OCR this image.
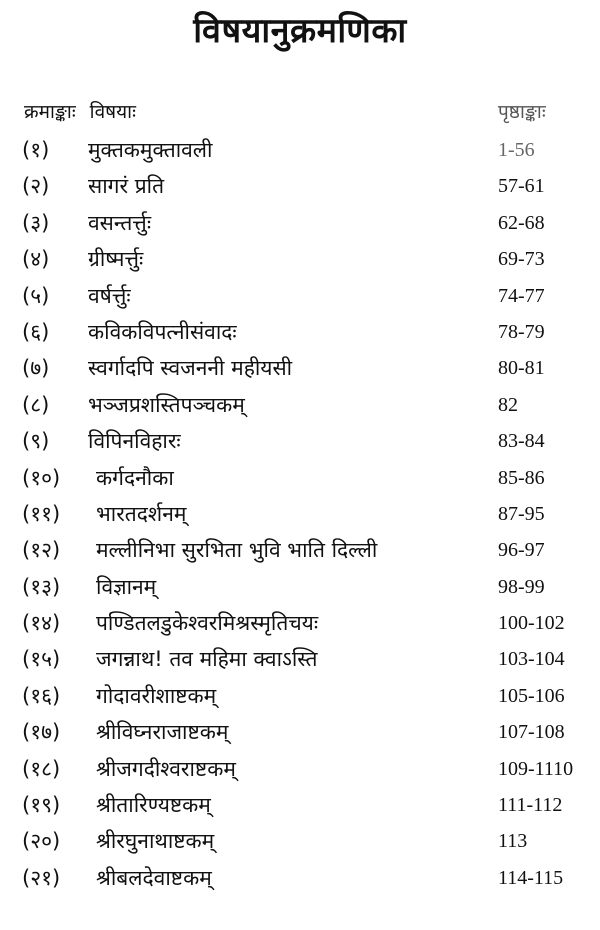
विषयानुक्रमणिका
क्रमाङ्काः विषयाः	पृष्ठाङ्काः
(१) मुक्तकमुक्तावली	1-56
(२) सागरं प्रति	57-61
(३) वसन्तर्त्तुः	62-68
(४) ग्रीष्मर्त्तुः	69-73
(५) वर्षर्त्तुः	74-77
(६) कविकविपत्नीसंवादः	78-79
(७) स्वर्गादपि स्वजननी महीयसी	80-81
(८) भञ्जप्रशस्तिपञ्चकम्	82
(९) विपिनविहारः	83-84
(१०) कर्गदनौका	85-86
(११) भारतदर्शनम्	87-95
(१२) मल्लीनिभा सुरभिता भुवि भाति दिल्ली	96-97
(१३) विज्ञानम्	98-99
(१४) पण्डितलडुकेश्वरमिश्रस्मृतिचयः	100-102
(१५) जगन्नाथ! तव महिमा क्वाऽस्ति	103-104
(१६) गोदावरीशाष्टकम्	105-106
(१७) श्रीविघ्नराजाष्टकम्	107-108
(१८) श्रीजगदीश्वराष्टकम्	109-1110
(१९) श्रीतारिण्यष्टकम्	111-112
(२०) श्रीरघुनाथाष्टकम्	113
(२१) श्रीबलदेवाष्टकम्	114-115
